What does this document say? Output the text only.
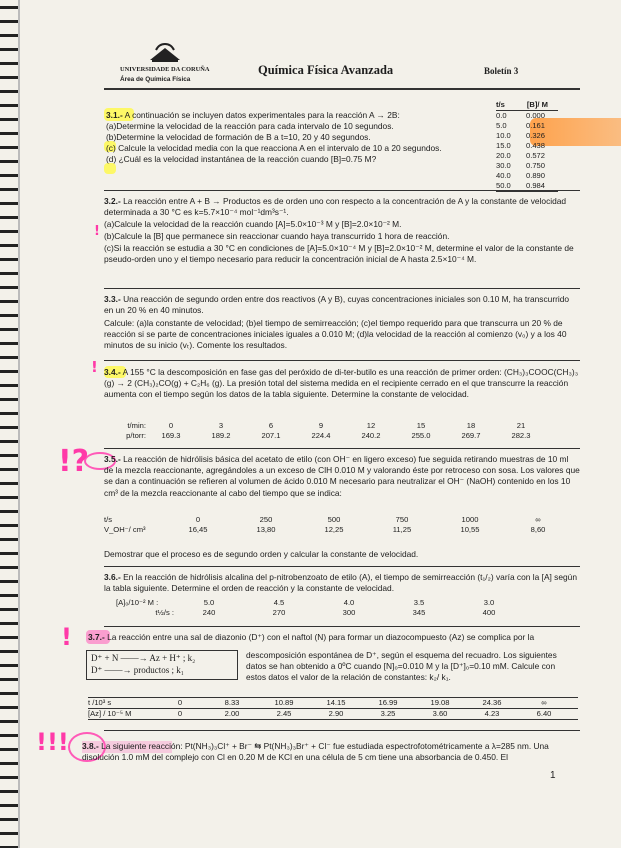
UNIVERSIDADE DA CORUÑA
Área de Química Física
Química Física Avanzada	Boletín 3
3.1.- A continuación se incluyen datos experimentales para la reacción A → 2B:
(a)Determine la velocidad de la reacción para cada intervalo de 10 segundos.
(b)Determine la velocidad de formación de B a t=10, 20 y 40 segundos.
(c) Calcule la velocidad media con la que reacciona A en el intervalo de 10 a 20 segundos.
(d) ¿Cuál es la velocidad instantánea de la reacción cuando [B]=0.75 M?
t/s	[B]/ M
0.0	0.000
5.0	0.161
10.0	0.326
15.0	0.438
20.0	0.572
30.0	0.750
40.0	0.890
50.0	0.984
3.2.- La reacción entre A + B → Productos es de orden uno con respecto a la concentración de A y la constante de velocidad determinada a 30 °C es k=5.7×10⁻⁴ mol⁻¹dm³s⁻¹.
(a)Calcule la velocidad de la reacción cuando [A]=5.0×10⁻³ M y [B]=2.0×10⁻² M.
(b)Calcule la [B] que permanece sin reaccionar cuando haya transcurrido 1 hora de reacción.
!
(c)Si la reacción se estudia a 30 °C en condiciones de [A]=5.0×10⁻⁴ M y [B]=2.0×10⁻² M, determine el valor de la constante de pseudo-orden uno y el tiempo necesario para reducir la concentración inicial de A hasta 2.5×10⁻⁴ M.
3.3.- Una reacción de segundo orden entre dos reactivos (A y B), cuyas concentraciones iniciales son 0.10 M, ha transcurrido en un 20 % en 40 minutos.
Calcule: (a)la constante de velocidad; (b)el tiempo de semirreacción; (c)el tiempo requerido para que transcurra un 20 % de reacción si se parte de concentraciones iniciales iguales a 0.010 M; (d)la velocidad de la reacción al comienzo (v₀) y a los 40 minutos de su inicio (vₜ). Comente los resultados.
! 3.4.- A 155 °C la descomposición en fase gas del peróxido de di-ter-butilo es una reacción de primer orden: (CH₃)₃COOC(CH₃)₃ (g) → 2 (CH₃)₂CO(g) + C₂H₆ (g). La presión total del sistema medida en el recipiente cerrado en el que transcurre la reacción aumenta con el tiempo según los datos de la tabla siguiente. Determine la constante de velocidad.
t/min:	0	3	6	9	12	15	18	21
p/torr:	169.3	189.2	207.1	224.4	240.2	255.0	269.7	282.3
!? 3.5.- La reacción de hidrólisis básica del acetato de etilo (con OH⁻ en ligero exceso) fue seguida retirando muestras de 10 ml de la mezcla reaccionante, agregándoles a un exceso de ClH 0.010 M y valorando éste por retroceso con sosa. Los valores que se dan a continuación se refieren al volumen de ácido 0.010 M necesario para neutralizar el OH⁻ (NaOH) contenido en los 10 cm³ de la mezcla reaccionante al cabo del tiempo que se indica:
t/s	0	250	500	750	1000	∞
V_OH⁻/ cm³	16,45	13,80	12,25	11,25	10,55	8,60
Demostrar que el proceso es de segundo orden y calcular la constante de velocidad.
3.6.- En la reacción de hidrólisis alcalina del p-nitrobenzoato de etilo (A), el tiempo de semirreacción (t₁/₂) varía con la [A] según la tabla siguiente. Determine el orden de reacción y la constante de velocidad.
[A]₀/10⁻² M :	5.0	4.5	4.0	3.5	3.0
t½/s :	240	270	300	345	400
! 3.7.- La reacción entre una sal de diazonio (D⁺) con el naftol (N) para formar un diazocompuesto (Az) se complica por la
D⁺ + N ——→ Az + H⁺ ; k₂
D⁺ ——→ productos ; k₁
descomposición espontánea de D⁺, según el esquema del recuadro. Los siguientes datos se han obtenido a 0ºC cuando [N]₀=0.010 M y la [D⁺]₀=0.10 mM. Calcule con estos datos el valor de la relación de constantes: k₂/ k₁.
t /10³ s	0	8.33	10.89	14.15	16.99	19.08	24.36	∞
[Az] / 10⁻⁵ M	0	2.00	2.45	2.90	3.25	3.60	4.23	6.40
!!! 3.8.- La siguiente reacción: Pt(NH₃)₃Cl⁺ + Br⁻ ⇆ Pt(NH₃)₃Br⁺ + Cl⁻ fue estudiada espectrofotométricamente a λ=285 nm. Una disolución 1.0 mM del complejo con Cl en 0.20 M de KCl en una célula de 5 cm tiene una absorbancia de 0.450. El
1
